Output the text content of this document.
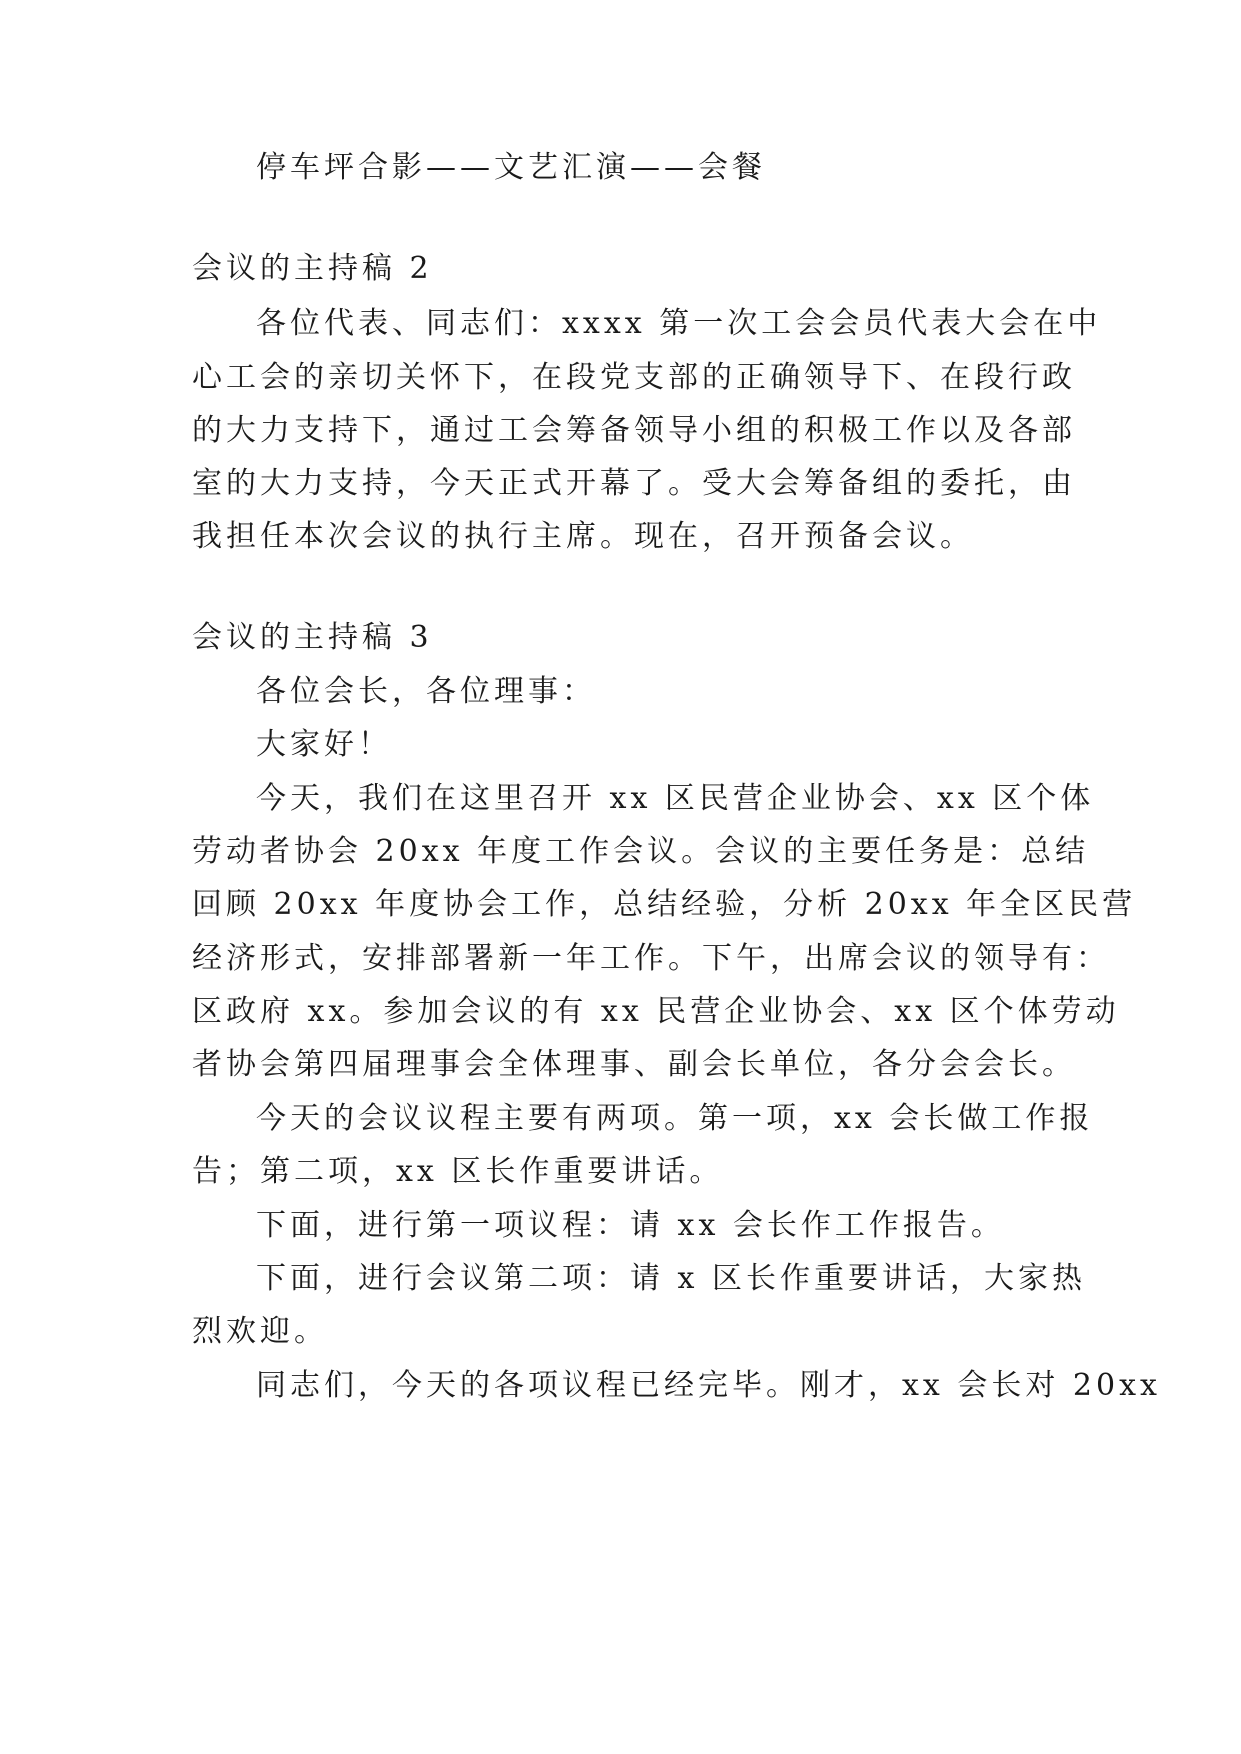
停车坪合影——文艺汇演——会餐
会议的主持稿 2
各位代表、同志们：xxxx 第一次工会会员代表大会在中
心工会的亲切关怀下，在段党支部的正确领导下、在段行政
的大力支持下，通过工会筹备领导小组的积极工作以及各部
室的大力支持，今天正式开幕了。受大会筹备组的委托，由
我担任本次会议的执行主席。现在，召开预备会议。
会议的主持稿 3
各位会长，各位理事：
大家好！
今天，我们在这里召开 xx 区民营企业协会、xx 区个体
劳动者协会 20xx 年度工作会议。会议的主要任务是：总结
回顾 20xx 年度协会工作，总结经验，分析 20xx 年全区民营
经济形式，安排部署新一年工作。下午，出席会议的领导有：
区政府 xx。参加会议的有 xx 民营企业协会、xx 区个体劳动
者协会第四届理事会全体理事、副会长单位，各分会会长。
今天的会议议程主要有两项。第一项，xx 会长做工作报
告；第二项，xx 区长作重要讲话。
下面，进行第一项议程：请 xx 会长作工作报告。
下面，进行会议第二项：请 x 区长作重要讲话，大家热
烈欢迎。
同志们，今天的各项议程已经完毕。刚才，xx 会长对 20xx
